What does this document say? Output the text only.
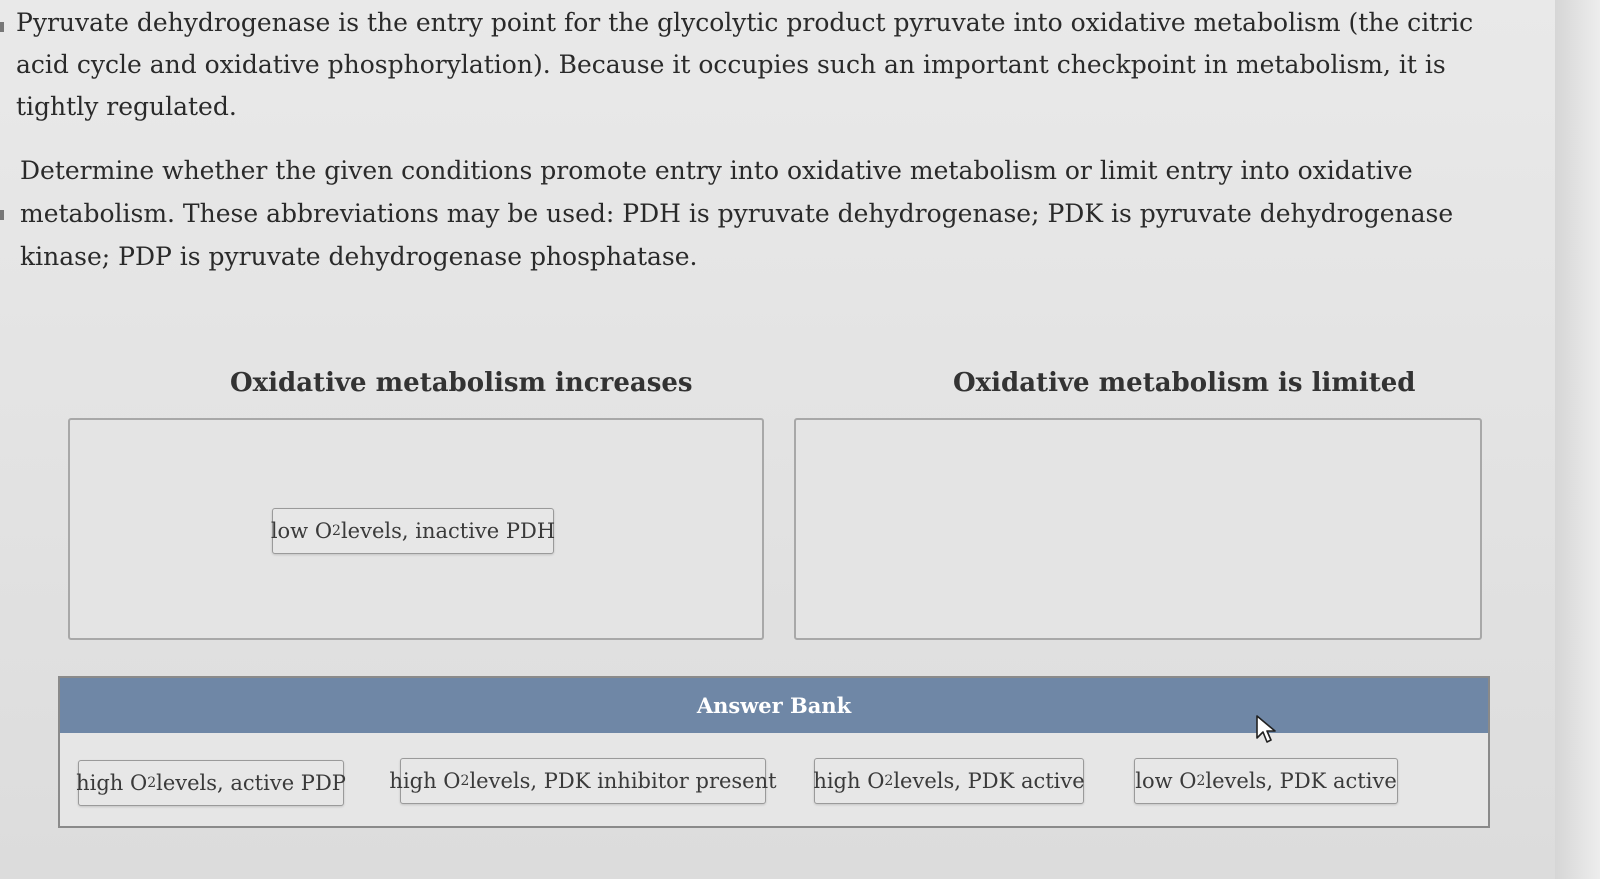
Pyruvate dehydrogenase is the entry point for the glycolytic product pyruvate into oxidative metabolism (the citric acid cycle and oxidative phosphorylation). Because it occupies such an important checkpoint in metabolism, it is tightly regulated.

Determine whether the given conditions promote entry into oxidative metabolism or limit entry into oxidative metabolism. These abbreviations may be used: PDH is pyruvate dehydrogenase; PDK is pyruvate dehydrogenase kinase; PDP is pyruvate dehydrogenase phosphatase.

Oxidative metabolism increases	Oxidative metabolism is limited
low O 2 levels, inactive PDH
Answer Bank
high O 2 levels, active PDP high O 2 levels, PDK inhibitor present high O 2 levels, PDK active low O 2 levels, PDK active
